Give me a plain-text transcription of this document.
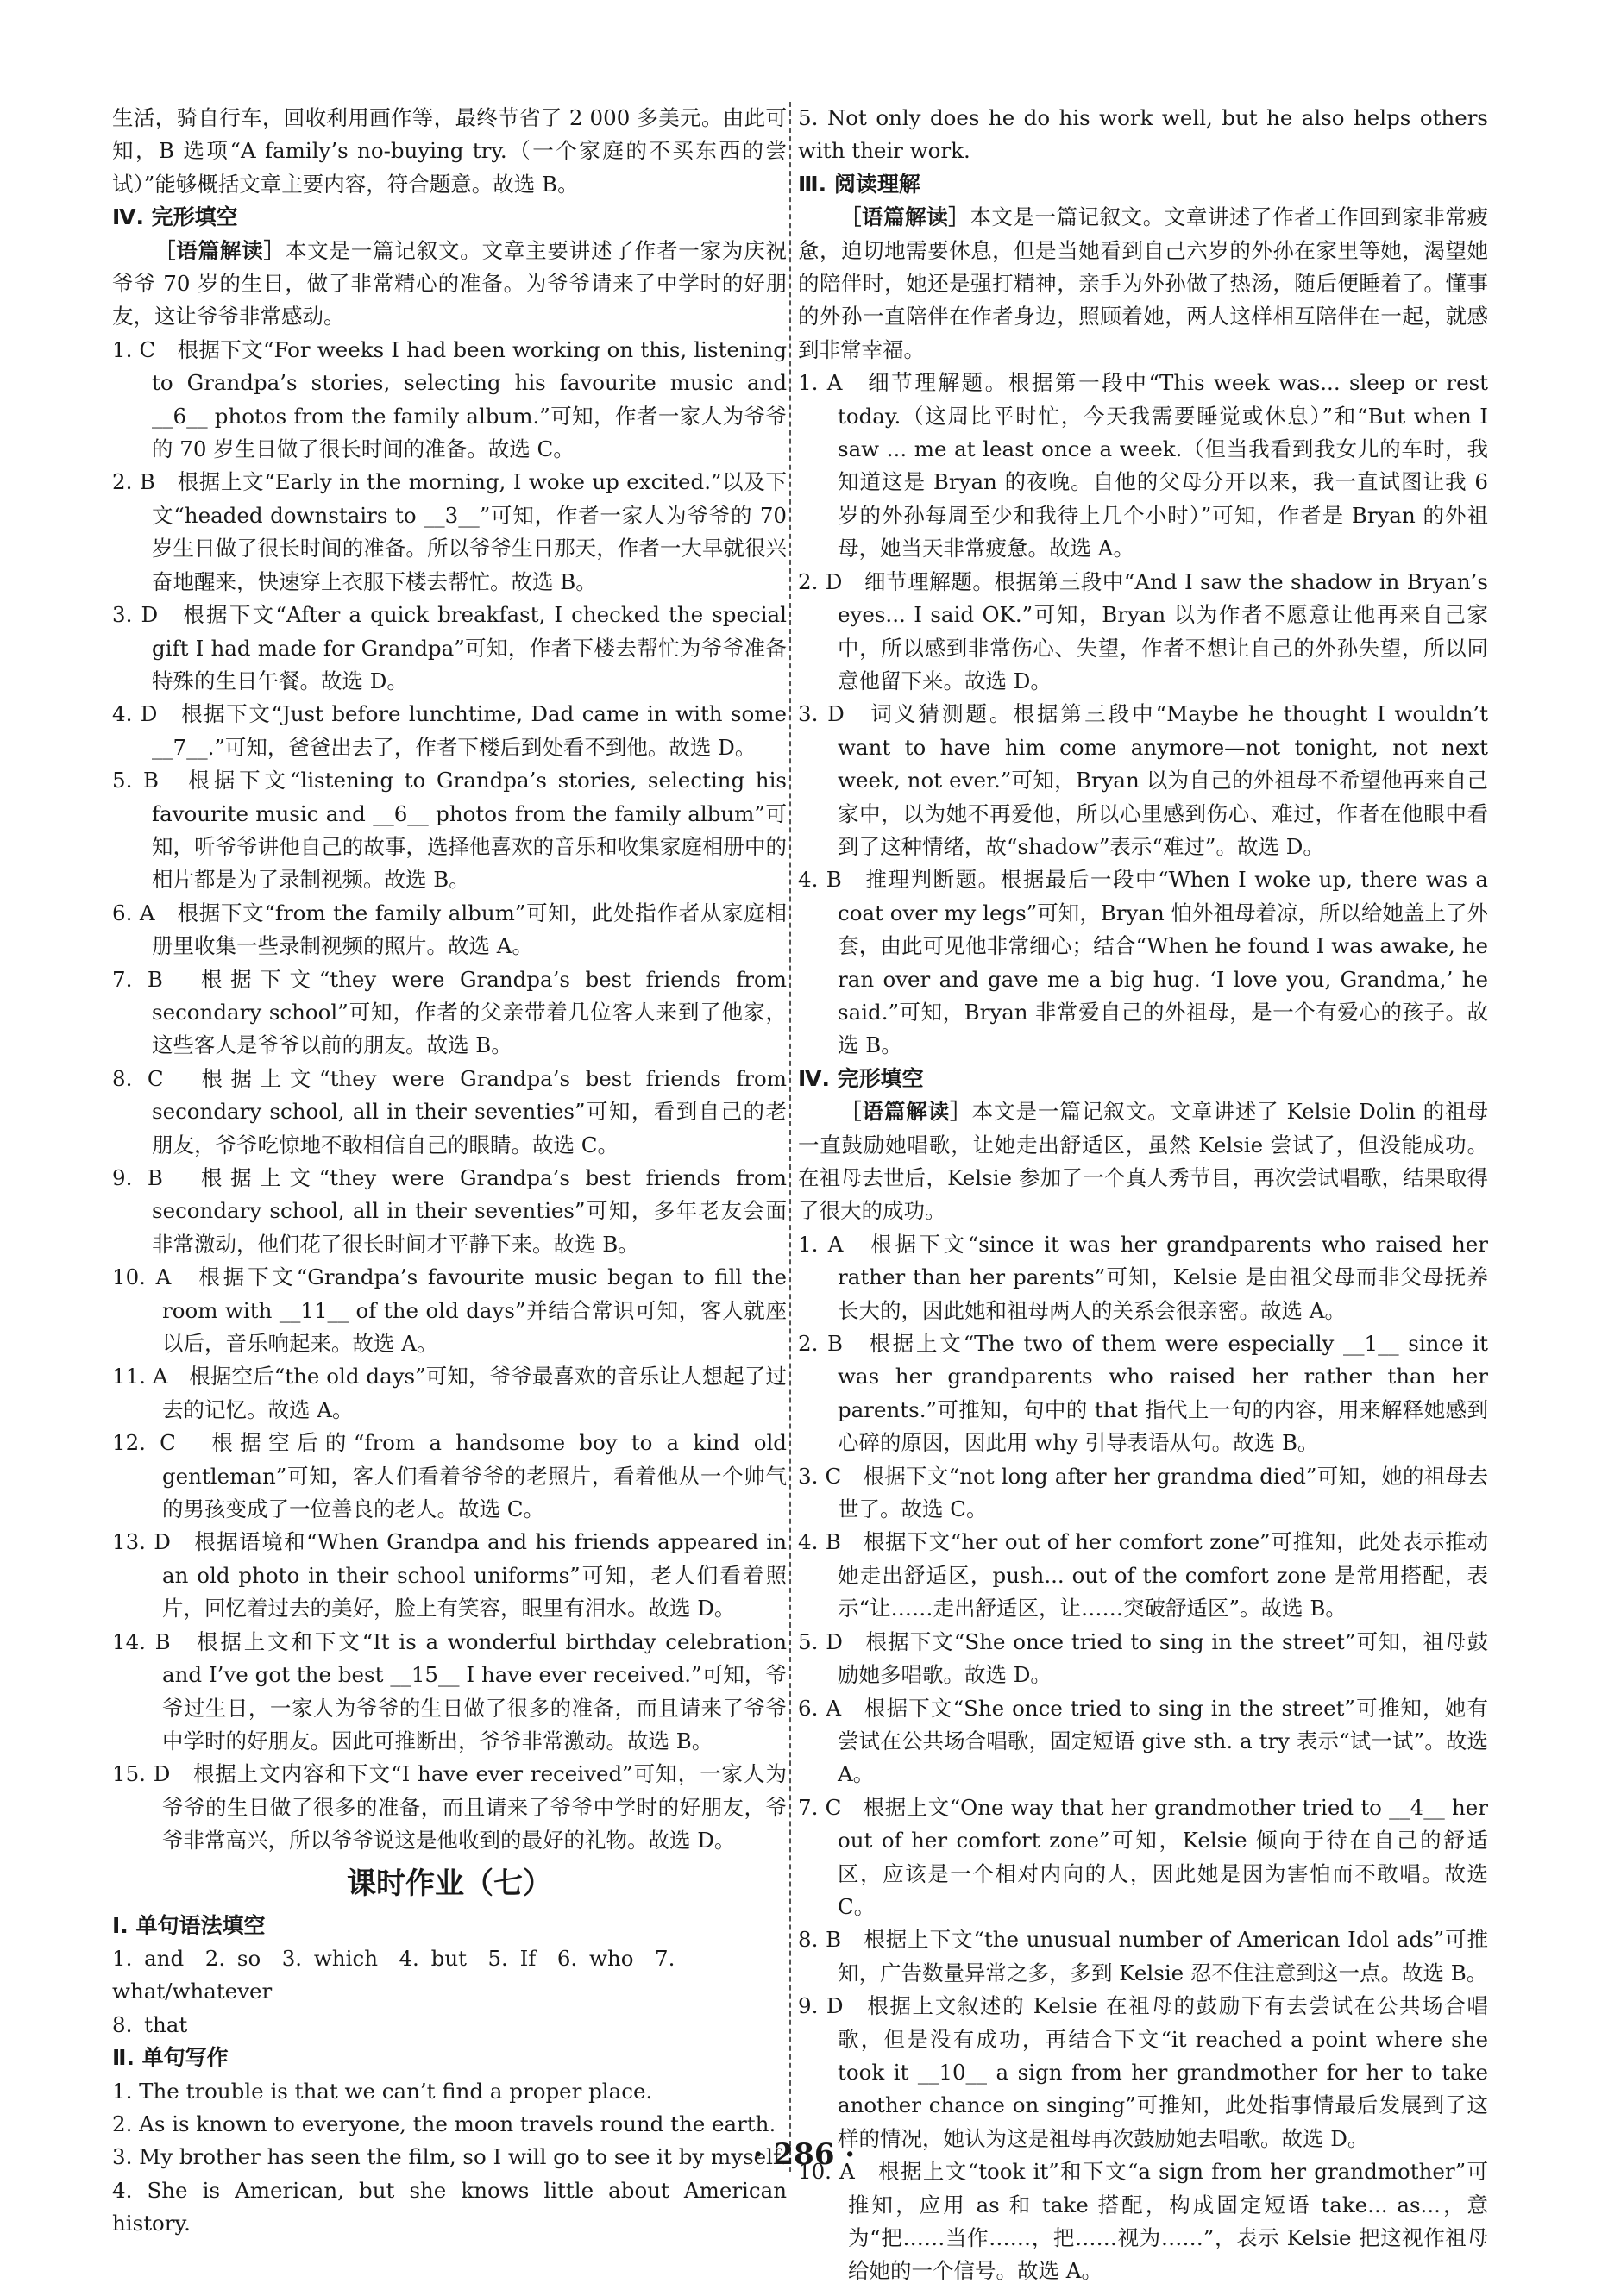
生活，骑自行车，回收利用画作等，最终节省了 2 000 多美元。由此可知，B 选项“A family’s no-buying try.（一个家庭的不买东西的尝试）”能够概括文章主要内容，符合题意。故选 B。

Ⅳ. 完形填空

［语篇解读］本文是一篇记叙文。文章主要讲述了作者一家为庆祝爷爷 70 岁的生日，做了非常精心的准备。为爷爷请来了中学时的好朋友，这让爷爷非常感动。

1. C　根据下文“For weeks I had been working on this, listening to Grandpa’s stories, selecting his favourite music and __6__ photos from the family album.”可知，作者一家人为爷爷的 70 岁生日做了很长时间的准备。故选 C。

2. B　根据上文“Early in the morning, I woke up excited.”以及下文“headed downstairs to __3__”可知，作者一家人为爷爷的 70 岁生日做了很长时间的准备。所以爷爷生日那天，作者一大早就很兴奋地醒来，快速穿上衣服下楼去帮忙。故选 B。

3. D　根据下文“After a quick breakfast, I checked the special gift I had made for Grandpa”可知，作者下楼去帮忙为爷爷准备特殊的生日午餐。故选 D。

4. D　根据下文“Just before lunchtime, Dad came in with some __7__.”可知，爸爸出去了，作者下楼后到处看不到他。故选 D。

5. B　根据下文“listening to Grandpa’s stories, selecting his favourite music and __6__ photos from the family album”可知，听爷爷讲他自己的故事，选择他喜欢的音乐和收集家庭相册中的相片都是为了录制视频。故选 B。

6. A　根据下文“from the family album”可知，此处指作者从家庭相册里收集一些录制视频的照片。故选 A。

7. B　根据下文“they were Grandpa’s best friends from secondary school”可知，作者的父亲带着几位客人来到了他家，这些客人是爷爷以前的朋友。故选 B。

8. C　根据上文“they were Grandpa’s best friends from secondary school, all in their seventies”可知，看到自己的老朋友，爷爷吃惊地不敢相信自己的眼睛。故选 C。

9. B　根据上文“they were Grandpa’s best friends from secondary school, all in their seventies”可知，多年老友会面非常激动，他们花了很长时间才平静下来。故选 B。

10. A　根据下文“Grandpa’s favourite music began to fill the room with __11__ of the old days”并结合常识可知，客人就座以后，音乐响起来。故选 A。

11. A　根据空后“the old days”可知，爷爷最喜欢的音乐让人想起了过去的记忆。故选 A。

12. C　根据空后的“from a handsome boy to a kind old gentleman”可知，客人们看着爷爷的老照片，看着他从一个帅气的男孩变成了一位善良的老人。故选 C。

13. D　根据语境和“When Grandpa and his friends appeared in an old photo in their school uniforms”可知，老人们看着照片，回忆着过去的美好，脸上有笑容，眼里有泪水。故选 D。

14. B　根据上文和下文“It is a wonderful birthday celebration and I’ve got the best __15__ I have ever received.”可知，爷爷过生日，一家人为爷爷的生日做了很多的准备，而且请来了爷爷中学时的好朋友。因此可推断出，爷爷非常激动。故选 B。

15. D　根据上文内容和下文“I have ever received”可知，一家人为爷爷的生日做了很多的准备，而且请来了爷爷中学时的好朋友，爷爷非常高兴，所以爷爷说这是他收到的最好的礼物。故选 D。

课时作业（七）

Ⅰ. 单句语法填空

1. and　2. so　3. which　4. but　5. If　6. who　7. what/whatever

8. that

Ⅱ. 单句写作

1. The trouble is that we can’t find a proper place.

2. As is known to everyone, the moon travels round the earth.

3. My brother has seen the film, so I will go to see it by myself.

4. She is American, but she knows little about American history.

5. Not only does he do his work well, but he also helps others with their work.

Ⅲ. 阅读理解

［语篇解读］本文是一篇记叙文。文章讲述了作者工作回到家非常疲惫，迫切地需要休息，但是当她看到自己六岁的外孙在家里等她，渴望她的陪伴时，她还是强打精神，亲手为外孙做了热汤，随后便睡着了。懂事的外孙一直陪伴在作者身边，照顾着她，两人这样相互陪伴在一起，就感到非常幸福。

1. A　细节理解题。根据第一段中“This week was... sleep or rest today.（这周比平时忙，今天我需要睡觉或休息）”和“But when I saw ... me at least once a week.（但当我看到我女儿的车时，我知道这是 Bryan 的夜晚。自他的父母分开以来，我一直试图让我 6 岁的外孙每周至少和我待上几个小时）”可知，作者是 Bryan 的外祖母，她当天非常疲惫。故选 A。

2. D　细节理解题。根据第三段中“And I saw the shadow in Bryan’s eyes... I said OK.”可知，Bryan 以为作者不愿意让他再来自己家中，所以感到非常伤心、失望，作者不想让自己的外孙失望，所以同意他留下来。故选 D。

3. D　词义猜测题。根据第三段中“Maybe he thought I wouldn’t want to have him come anymore—not tonight, not next week, not ever.”可知，Bryan 以为自己的外祖母不希望他再来自己家中，以为她不再爱他，所以心里感到伤心、难过，作者在他眼中看到了这种情绪，故“shadow”表示“难过”。故选 D。

4. B　推理判断题。根据最后一段中“When I woke up, there was a coat over my legs”可知，Bryan 怕外祖母着凉，所以给她盖上了外套，由此可见他非常细心；结合“When he found I was awake, he ran over and gave me a big hug. ‘I love you, Grandma,’ he said.”可知，Bryan 非常爱自己的外祖母，是一个有爱心的孩子。故选 B。

Ⅳ. 完形填空

［语篇解读］本文是一篇记叙文。文章讲述了 Kelsie Dolin 的祖母一直鼓励她唱歌，让她走出舒适区，虽然 Kelsie 尝试了，但没能成功。在祖母去世后，Kelsie 参加了一个真人秀节目，再次尝试唱歌，结果取得了很大的成功。

1. A　根据下文“since it was her grandparents who raised her rather than her parents”可知，Kelsie 是由祖父母而非父母抚养长大的，因此她和祖母两人的关系会很亲密。故选 A。

2. B　根据上文“The two of them were especially __1__ since it was her grandparents who raised her rather than her parents.”可推知，句中的 that 指代上一句的内容，用来解释她感到心碎的原因，因此用 why 引导表语从句。故选 B。

3. C　根据下文“not long after her grandma died”可知，她的祖母去世了。故选 C。

4. B　根据下文“her out of her comfort zone”可推知，此处表示推动她走出舒适区，push... out of the comfort zone 是常用搭配，表示“让……走出舒适区，让……突破舒适区”。故选 B。

5. D　根据下文“She once tried to sing in the street”可知，祖母鼓励她多唱歌。故选 D。

6. A　根据下文“She once tried to sing in the street”可推知，她有尝试在公共场合唱歌，固定短语 give sth. a try 表示“试一试”。故选 A。

7. C　根据上文“One way that her grandmother tried to __4__ her out of her comfort zone”可知，Kelsie 倾向于待在自己的舒适区，应该是一个相对内向的人，因此她是因为害怕而不敢唱。故选 C。

8. B　根据上下文“the unusual number of American Idol ads”可推知，广告数量异常之多，多到 Kelsie 忍不住注意到这一点。故选 B。

9. D　根据上文叙述的 Kelsie 在祖母的鼓励下有去尝试在公共场合唱歌，但是没有成功，再结合下文“it reached a point where she took it __10__ a sign from her grandmother for her to take another chance on singing”可推知，此处指事情最后发展到了这样的情况，她认为这是祖母再次鼓励她去唱歌。故选 D。

10. A　根据上文“took it”和下文“a sign from her grandmother”可推知，应用 as 和 take 搭配，构成固定短语 take... as...，意为“把……当作……，把……视为……”，表示 Kelsie 把这视作祖母给她的一个信号。故选 A。

· 286 ·
